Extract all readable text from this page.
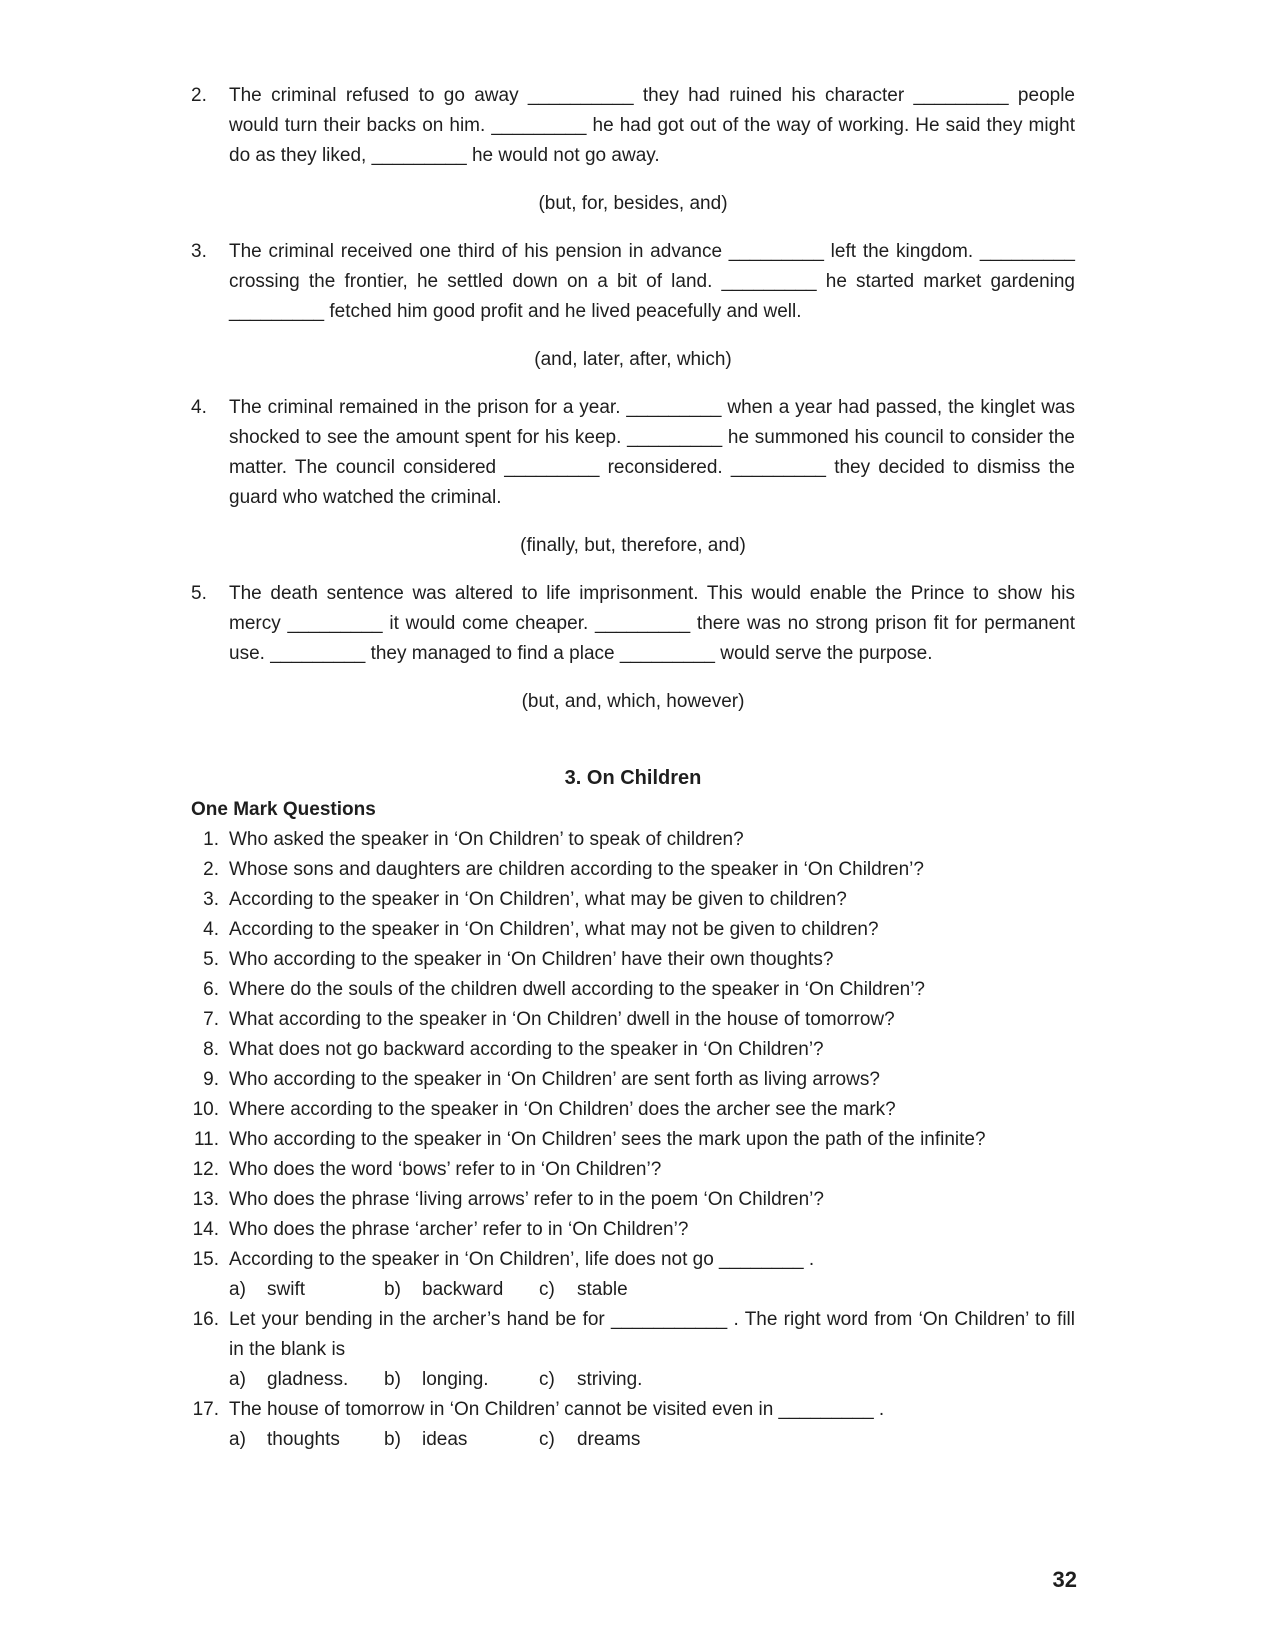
2.	The criminal refused to go away __________ they had ruined his character _________ people would turn their backs on him. _________ he had got out of the way of working. He said they might do as they liked, _________ he would not go away.
(but, for, besides, and)
3.	The criminal received one third of his pension in advance _________ left the kingdom. _________ crossing the frontier, he settled down on a bit of land. _________ he started market gardening _________ fetched him good profit and he lived peacefully and well.
(and, later, after, which)
4.	The criminal remained in the prison for a year. _________ when a year had passed, the kinglet was shocked to see the amount spent for his keep. _________ he summoned his council to consider the matter. The council considered _________ reconsidered. _________ they decided to dismiss the guard who watched the criminal.
(finally, but, therefore, and)
5.	The death sentence was altered to life imprisonment. This would enable the Prince to show his mercy _________ it would come cheaper. _________ there was no strong prison fit for permanent use. _________ they managed to find a place _________ would serve the purpose.
(but, and, which, however)
3. On Children
One Mark Questions
1. Who asked the speaker in ‘On Children’ to speak of children?
2. Whose sons and daughters are children according to the speaker in ‘On Children’?
3. According to the speaker in ‘On Children’, what may be given to children?
4. According to the speaker in ‘On Children’, what may not be given to children?
5. Who according to the speaker in ‘On Children’ have their own thoughts?
6. Where do the souls of the children dwell according to the speaker in ‘On Children’?
7. What according to the speaker in ‘On Children’ dwell in the house of tomorrow?
8. What does not go backward according to the speaker in ‘On Children’?
9. Who according to the speaker in ‘On Children’ are sent forth as living arrows?
10. Where according to the speaker in ‘On Children’ does the archer see the mark?
11. Who according to the speaker in ‘On Children’ sees the mark upon the path of the infinite?
12. Who does the word ‘bows’ refer to in ‘On Children’?
13. Who does the phrase ‘living arrows’ refer to in the poem ‘On Children’?
14. Who does the phrase ‘archer’ refer to in ‘On Children’?
15. According to the speaker in ‘On Children’, life does not go ________ .
a)	swift	b)	backward c)	stable
16. Let your bending in the archer’s hand be for ___________ . The right word from ‘On Children’ to fill in the blank is
a)	gladness. b)	longing.	c)	striving.
17. The house of tomorrow in ‘On Children’ cannot be visited even in _________ .
a)	thoughts b)	ideas	c)	dreams
32
